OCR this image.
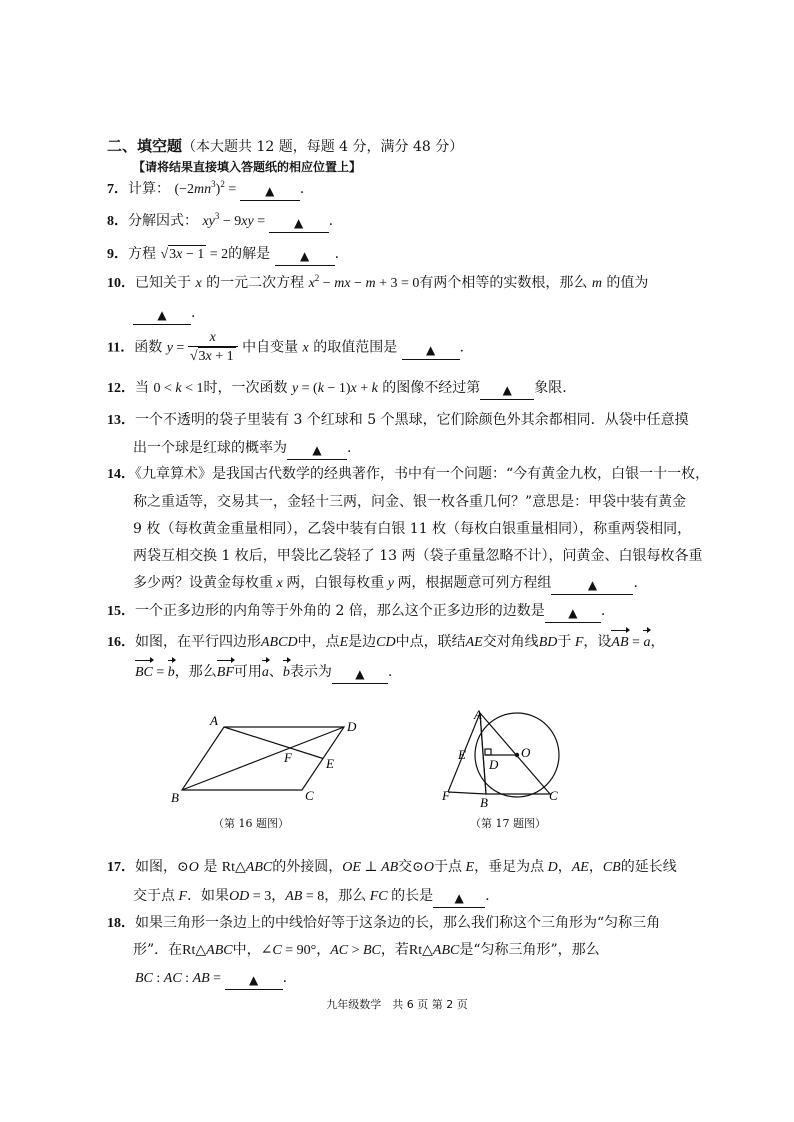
二、填空题（本大题共 12 题，每题 4 分，满分 48 分）
【请将结果直接填入答题纸的相应位置上】
7．计算： $(-2mn^3)^2$ = ▲ .
8．分解因式： $xy^3 - 9xy$ = ▲ .
9．方程 √3x − 1 = 2的解是 ▲ .
10．已知关于 x 的一元二次方程 $x^2$ − mx − m + 3 = 0有两个相等的实数根，那么 m 的值为
▲ .
11．函数 $y = \frac{x}{√3x + 1}$ 中自变量 x 的取值范围是 ▲ .
12．当 0 < k < 1时，一次函数 y = (k − 1)x + k 的图像不经过第 ▲ 象限.
13．一个不透明的袋子里装有 3 个红球和 5 个黑球，它们除颜色外其余都相同．从袋中任意摸
出一个球是红球的概率为 ▲ .
14．《九章算术》是我国古代数学的经典著作，书中有一个问题：“今有黄金九枚，白银一十一枚，
称之重适等，交易其一，金轻十三两，问金、银一枚各重几何？”意思是：甲袋中装有黄金
9 枚（每枚黄金重量相同），乙袋中装有白银 11 枚（每枚白银重量相同），称重两袋相同，
两袋互相交换 1 枚后，甲袋比乙袋轻了 13 两（袋子重量忽略不计），问黄金、白银每枚各重
多少两？设黄金每枚重 x 两，白银每枚重 y 两，根据题意可列方程组	▲	.
15．一个正多边形的内角等于外角的 2 倍，那么这个正多边形的边数是 ▲ .
16．如图，在平行四边形ABCD中，点E是边CD中点，联结AE交对角线BD于 F，设AB = a，
BC = b，那么BF可用a、b表示为 ▲ .
A	D
F	E
B	C
（第 16 题图）
A
E
D
O
F B	C
（第 17 题图）
17．如图，⊙O 是 Rt△ABC的外接圆，OE ⊥ AB交⊙O于点 E，垂足为点 D，AE，CB的延长线
交于点 F．如果OD = 3，AB = 8，那么 FC 的长是 ▲ .
18．如果三角形一条边上的中线恰好等于这条边的长，那么我们称这个三角形为“匀称三角
形”．在Rt△ABC中，∠C = 90°，AC > BC，若Rt△ABC是“匀称三角形”，那么
BC : AC : AB = ▲ .
九年级数学　共 6 页 第 2 页
